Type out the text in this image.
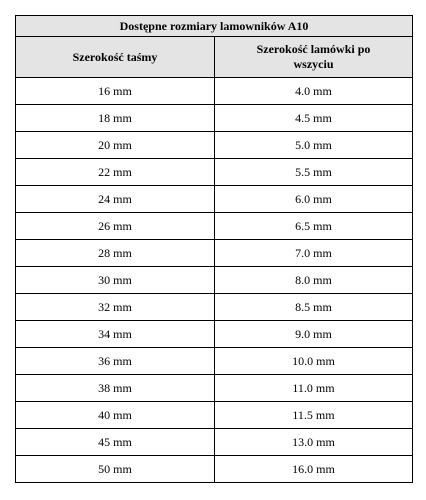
Dostępne rozmiary lamowników A10	
Szerokość taśmy	Szerokość lamówki po wszyciu
16 mm	4.0 mm
18 mm	4.5 mm
20 mm	5.0 mm
22 mm	5.5 mm
24 mm	6.0 mm
26 mm	6.5 mm
28 mm	7.0 mm
30 mm	8.0 mm
32 mm	8.5 mm
34 mm	9.0 mm
36 mm	10.0 mm
38 mm	11.0 mm
40 mm	11.5 mm
45 mm	13.0 mm
50 mm	16.0 mm
